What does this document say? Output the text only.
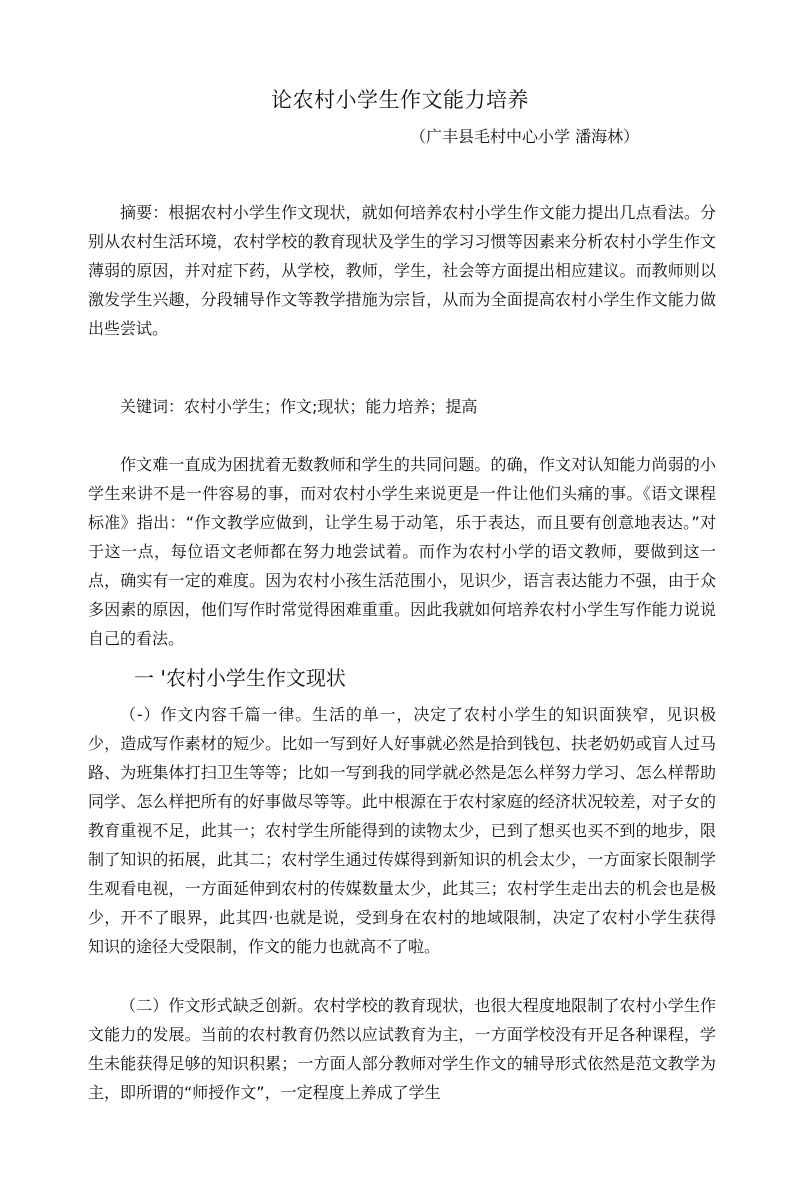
论农村小学生作文能力培养
（广丰县毛村中心小学 潘海林）

摘要：根据农村小学生作文现状，就如何培养农村小学生作文能力提出几点看法。分别从农村生活环境，农村学校的教育现状及学生的学习习惯等因素来分析农村小学生作文薄弱的原因，并对症下药，从学校，教师，学生，社会等方面提出相应建议。而教师则以激发学生兴趣，分段辅导作文等教学措施为宗旨，从而为全面提高农村小学生作文能力做出些尝试。

关键词：农村小学生；作文;现状；能力培养；提高

作文难一直成为困扰着无数教师和学生的共同问题。的确，作文对认知能力尚弱的小学生来讲不是一件容易的事，而对农村小学生来说更是一件让他们头痛的事。《语文课程标准》指出：“作文教学应做到，让学生易于动笔，乐于表达，而且要有创意地表达。”对于这一点，每位语文老师都在努力地尝试着。而作为农村小学的语文教师，要做到这一点，确实有一定的难度。因为农村小孩生活范围小，见识少，语言表达能力不强，由于众多因素的原因，他们写作时常觉得困难重重。因此我就如何培养农村小学生写作能力说说自己的看法。

一 '农村小学生作文现状

（-）作文内容千篇一律。生活的单一，决定了农村小学生的知识面狭窄，见识极少，造成写作素材的短少。比如一写到好人好事就必然是拾到钱包、扶老奶奶或盲人过马路、为班集体打扫卫生等等；比如一写到我的同学就必然是怎么样努力学习、怎么样帮助同学、怎么样把所有的好事做尽等等。此中根源在于农村家庭的经济状况较差，对子女的教育重视不足，此其一；农村学生所能得到的读物太少，已到了想买也买不到的地步，限制了知识的拓展，此其二；农村学生通过传媒得到新知识的机会太少，一方面家长限制学生观看电视，一方面延伸到农村的传媒数量太少，此其三；农村学生走出去的机会也是极少，开不了眼界，此其四·也就是说，受到身在农村的地域限制，决定了农村小学生获得知识的途径大受限制，作文的能力也就高不了啦。

（二）作文形式缺乏创新。农村学校的教育现状，也很大程度地限制了农村小学生作文能力的发展。当前的农村教育仍然以应试教育为主，一方面学校没有开足各种课程，学生未能获得足够的知识积累；一方面人部分教师对学生作文的辅导形式依然是范文教学为主，即所谓的“师授作文”，一定程度上养成了学生
